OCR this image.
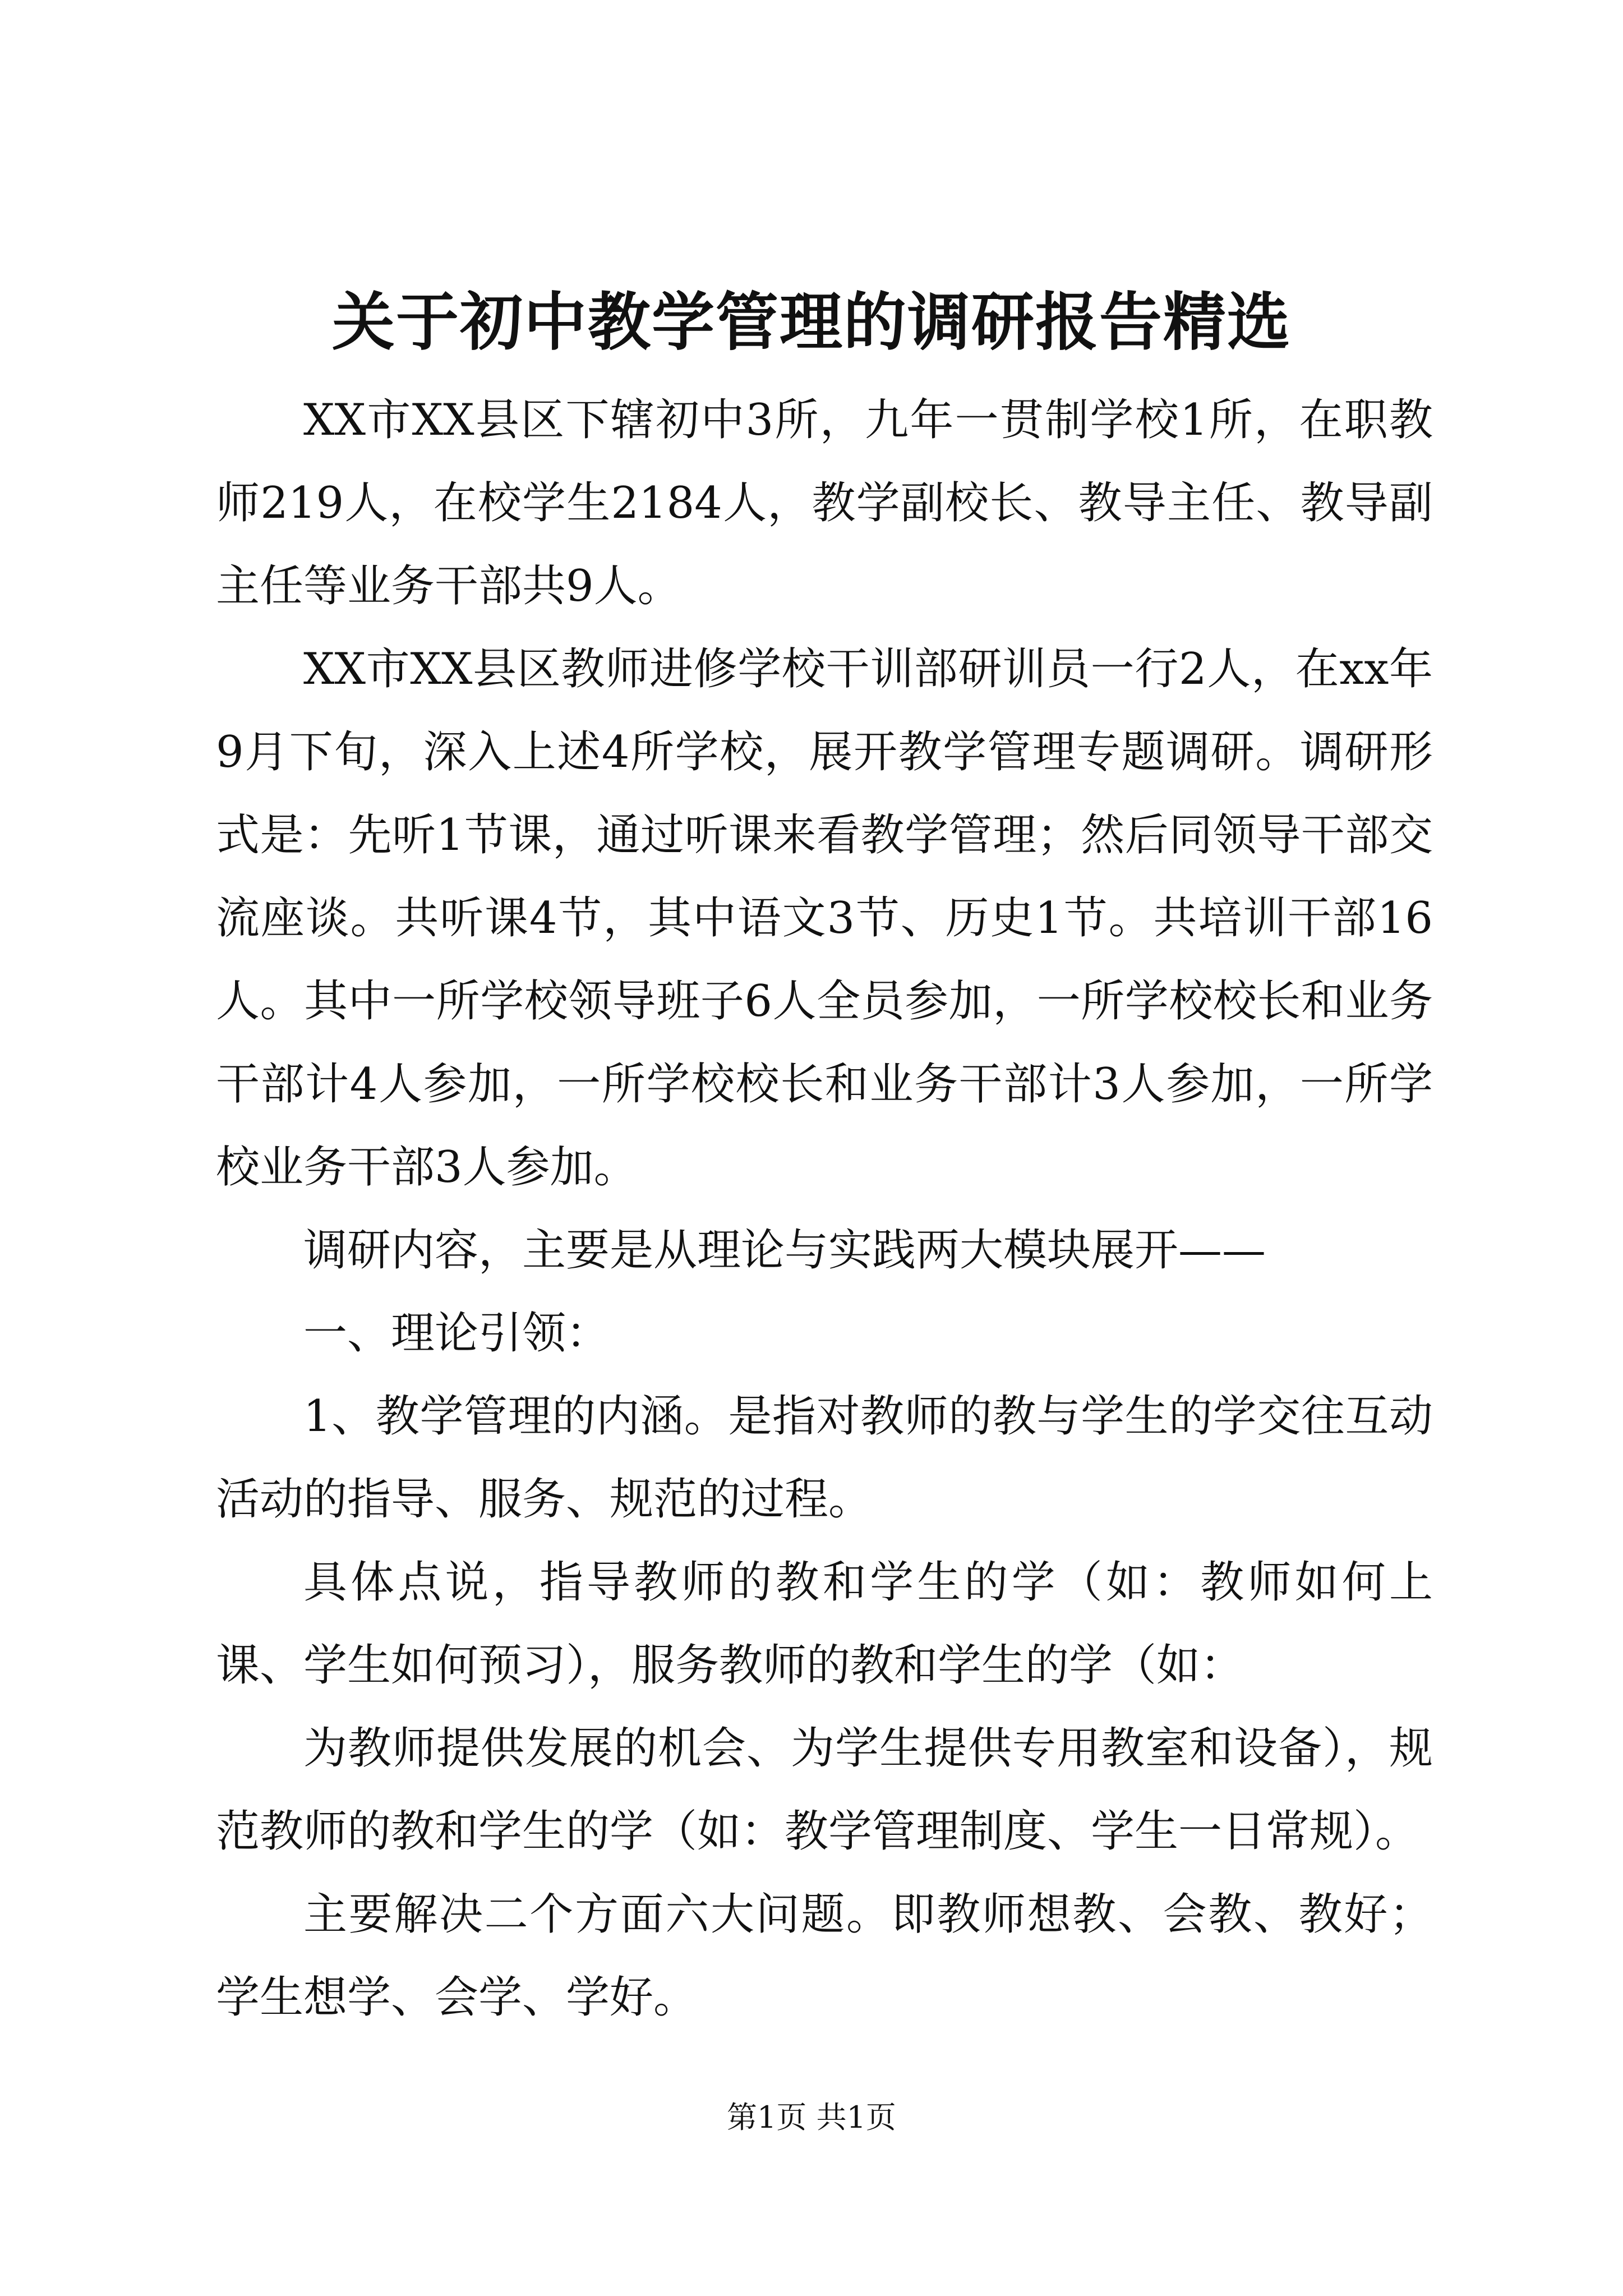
关于初中教学管理的调研报告精选

XX市XX县区下辖初中3所，九年一贯制学校1所，在职教师219人，在校学生2184人，教学副校长、教导主任、教导副主任等业务干部共9人。

XX市XX县区教师进修学校干训部研训员一行2人，在xx年9月下旬，深入上述4所学校，展开教学管理专题调研。调研形式是：先听1节课，通过听课来看教学管理；然后同领导干部交流座谈。共听课4节，其中语文3节、历史1节。共培训干部16人。其中一所学校领导班子6人全员参加，一所学校校长和业务干部计4人参加，一所学校校长和业务干部计3人参加，一所学校业务干部3人参加。

调研内容，主要是从理论与实践两大模块展开——

一、理论引领：

1、教学管理的内涵。是指对教师的教与学生的学交往互动活动的指导、服务、规范的过程。

具体点说，指导教师的教和学生的学（如：教师如何上课、学生如何预习），服务教师的教和学生的学（如：

为教师提供发展的机会、为学生提供专用教室和设备），规范教师的教和学生的学（如：教学管理制度、学生一日常规）。

主要解决二个方面六大问题。即教师想教、会教、教好；学生想学、会学、学好。

第1页 共1页
